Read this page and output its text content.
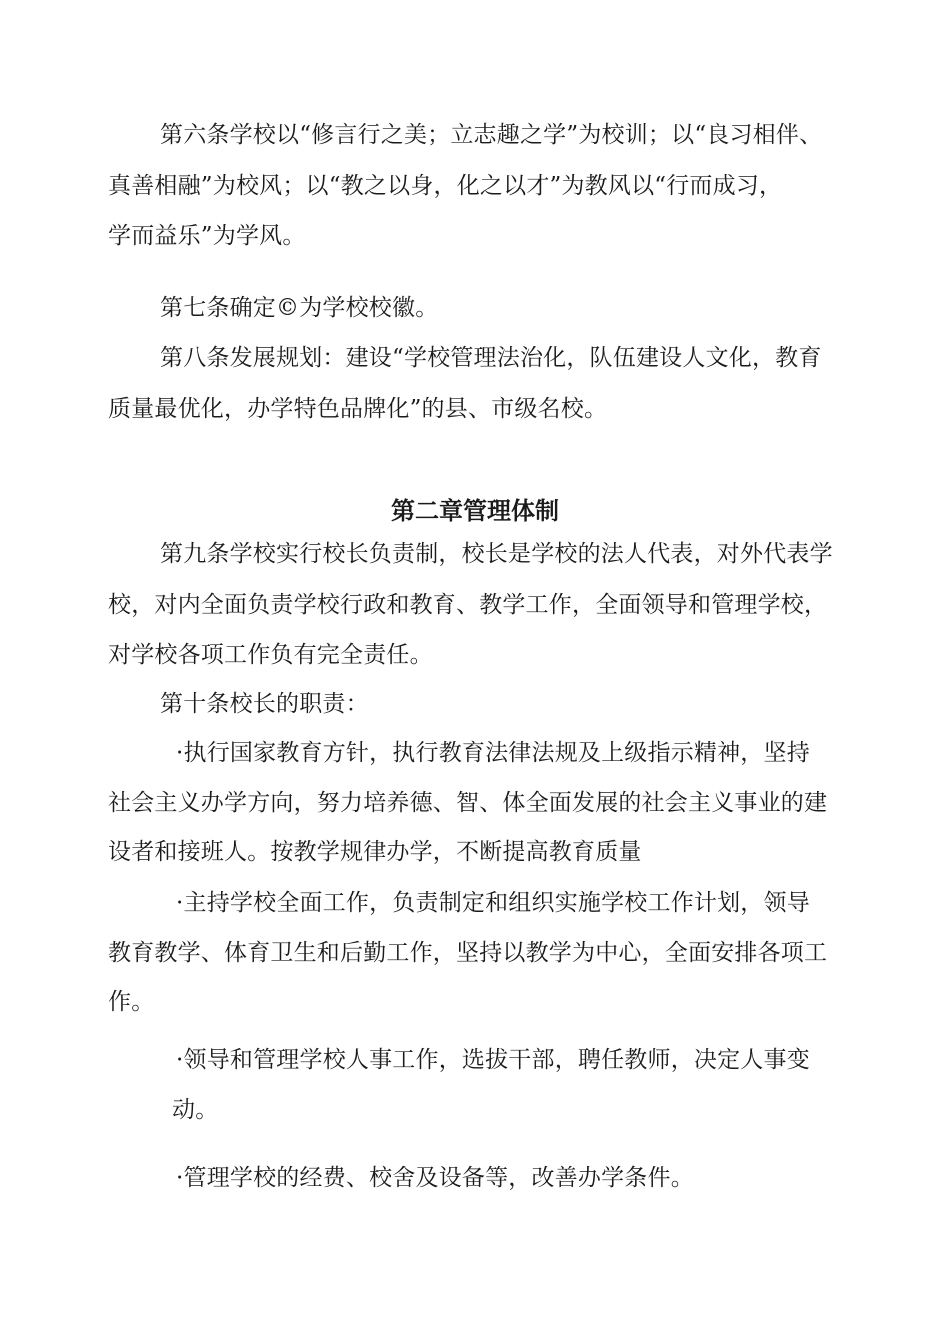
第六条学校以“修言行之美；立志趣之学”为校训；以“良习相伴、
真善相融”为校风；以“教之以身，化之以才”为教风以“行而成习，
学而益乐”为学风。
第七条确定©为学校校徽。
第八条发展规划：建设“学校管理法治化，队伍建设人文化，教育
质量最优化，办学特色品牌化”的县、市级名校。
第二章管理体制
第九条学校实行校长负责制，校长是学校的法人代表，对外代表学
校，对内全面负责学校行政和教育、教学工作，全面领导和管理学校，
对学校各项工作负有完全责任。
第十条校长的职责：
·执行国家教育方针，执行教育法律法规及上级指示精神，坚持
社会主义办学方向，努力培养德、智、体全面发展的社会主义事业的建
设者和接班人。按教学规律办学，不断提高教育质量
·主持学校全面工作，负责制定和组织实施学校工作计划，领导
教育教学、体育卫生和后勤工作，坚持以教学为中心，全面安排各项工
作。
·领导和管理学校人事工作，选拔干部，聘任教师，决定人事变
动。
·管理学校的经费、校舍及设备等，改善办学条件。
